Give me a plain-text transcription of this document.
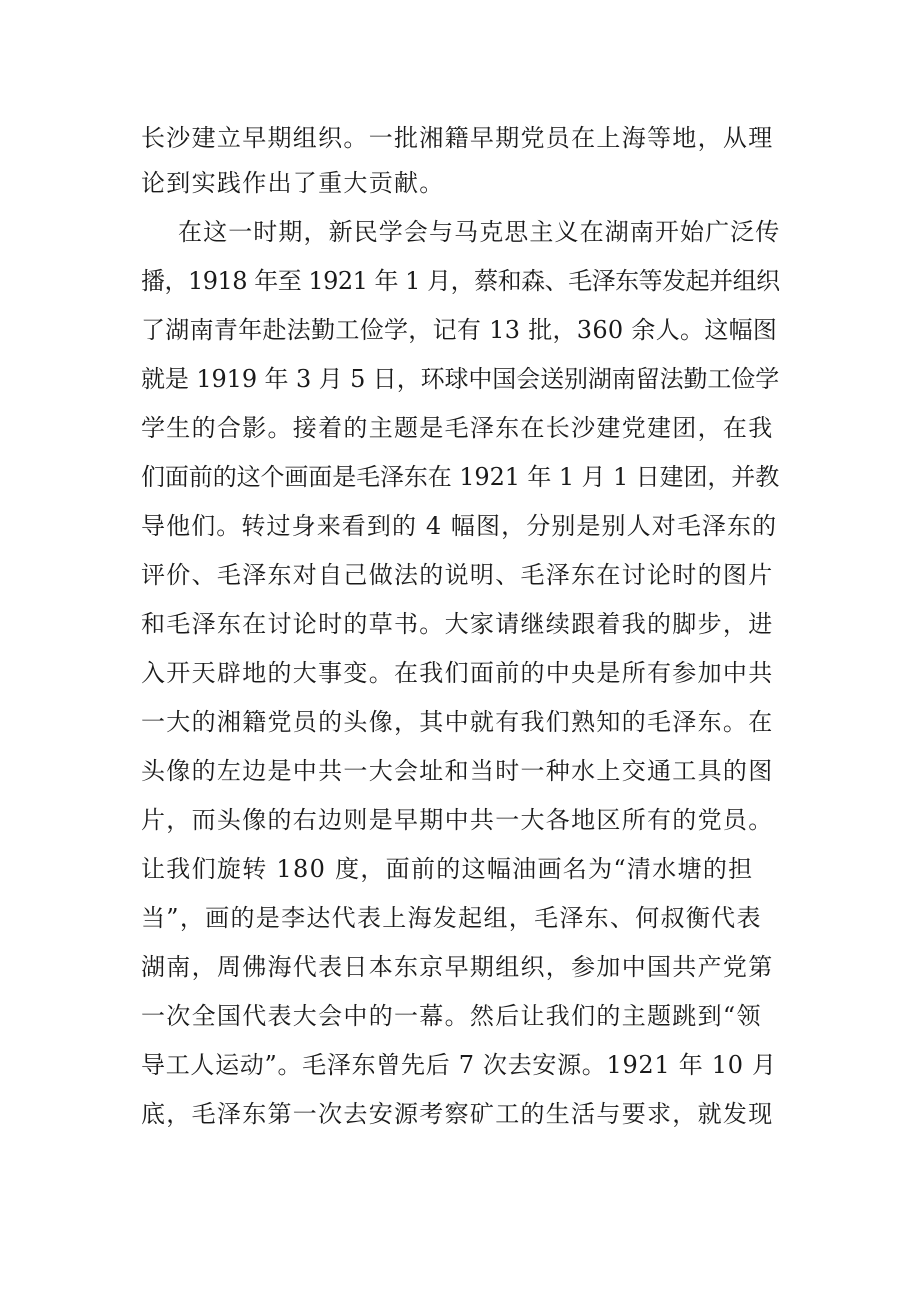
长沙建立早期组织。一批湘籍早期党员在上海等地，从理
论到实践作出了重大贡献。
在这一时期，新民学会与马克思主义在湖南开始广泛传
播，1918 年至 1921 年 1 月，蔡和森、毛泽东等发起并组织
了湖南青年赴法勤工俭学，记有 13 批，360 余人。这幅图
就是 1919 年 3 月 5 日，环球中国会送别湖南留法勤工俭学
学生的合影。接着的主题是毛泽东在长沙建党建团，在我
们面前的这个画面是毛泽东在 1921 年 1 月 1 日建团，并教
导他们。转过身来看到的 4 幅图，分别是别人对毛泽东的
评价、毛泽东对自己做法的说明、毛泽东在讨论时的图片
和毛泽东在讨论时的草书。大家请继续跟着我的脚步，进
入开天辟地的大事变。在我们面前的中央是所有参加中共
一大的湘籍党员的头像，其中就有我们熟知的毛泽东。在
头像的左边是中共一大会址和当时一种水上交通工具的图
片，而头像的右边则是早期中共一大各地区所有的党员。
让我们旋转 180 度，面前的这幅油画名为“清水塘的担
当”，画的是李达代表上海发起组，毛泽东、何叔衡代表
湖南，周佛海代表日本东京早期组织，参加中国共产党第
一次全国代表大会中的一幕。然后让我们的主题跳到“领
导工人运动”。毛泽东曾先后 7 次去安源。1921 年 10 月
底，毛泽东第一次去安源考察矿工的生活与要求，就发现
